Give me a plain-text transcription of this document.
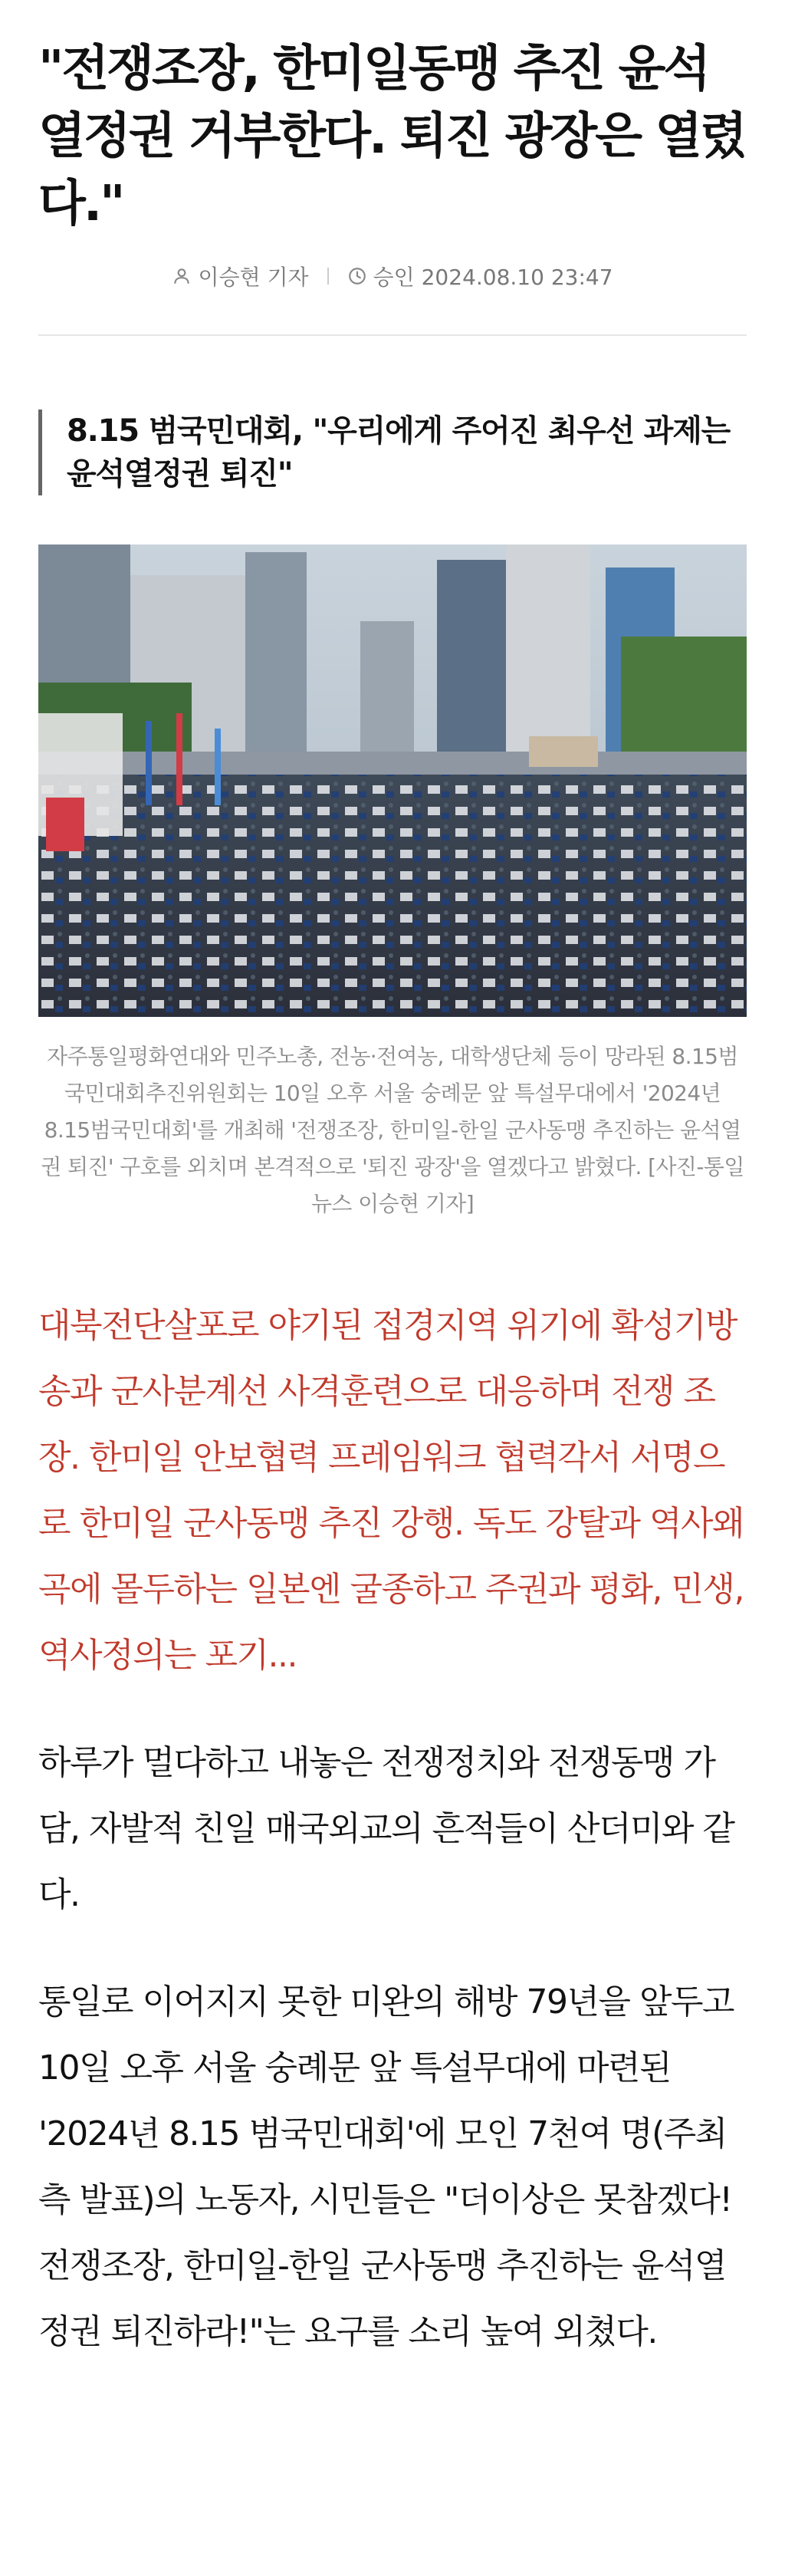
"전쟁조장, 한미일동맹 추진 윤석열정권 거부한다. 퇴진 광장은 열렸다."
이승현 기자	승인 2024.08.10 23:47
8.15 범국민대회, "우리에게 주어진 최우선 과제는 윤석열정권 퇴진"
자주통일평화연대와 민주노총, 전농·전여농, 대학생단체 등이 망라된 8.15범국민대회추진위원회는 10일 오후 서울 숭례문 앞 특설무대에서 '2024년 8.15범국민대회'를 개최해 '전쟁조장, 한미일-한일 군사동맹 추진하는 윤석열 권 퇴진' 구호를 외치며 본격적으로 '퇴진 광장'을 열겠다고 밝혔다. [사진-통일뉴스 이승현 기자]
대북전단살포로 야기된 접경지역 위기에 확성기방송과 군사분계선 사격훈련으로 대응하며 전쟁 조장. 한미일 안보협력 프레임워크 협력각서 서명으로 한미일 군사동맹 추진 강행. 독도 강탈과 역사왜곡에 몰두하는 일본엔 굴종하고 주권과 평화, 민생, 역사정의는 포기...

하루가 멀다하고 내놓은 전쟁정치와 전쟁동맹 가담, 자발적 친일 매국외교의 흔적들이 산더미와 같다.

통일로 이어지지 못한 미완의 해방 79년을 앞두고 10일 오후 서울 숭례문 앞 특설무대에 마련된 '2024년 8.15 범국민대회'에 모인 7천여 명(주최측 발표)의 노동자, 시민들은 "더이상은 못참겠다! 전쟁조장, 한미일-한일 군사동맹 추진하는 윤석열정권 퇴진하라!"는 요구를 소리 높여 외쳤다.
